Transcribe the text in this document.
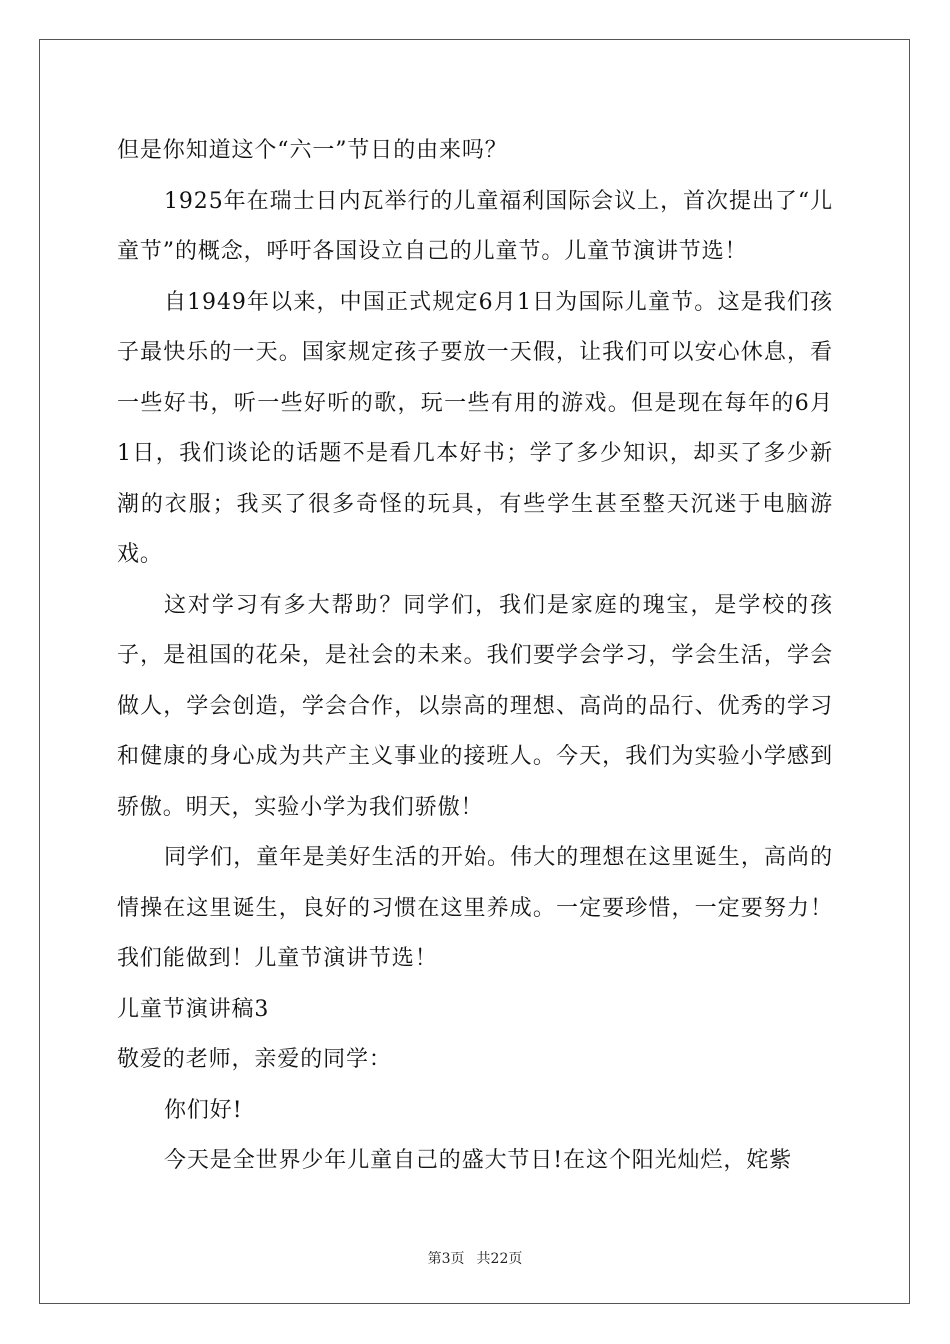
但是你知道这个“六一”节日的由来吗？

1925年在瑞士日内瓦举行的儿童福利国际会议上，首次提出了“儿童节”的概念，呼吁各国设立自己的儿童节。儿童节演讲节选！

自1949年以来，中国正式规定6月1日为国际儿童节。这是我们孩子最快乐的一天。国家规定孩子要放一天假，让我们可以安心休息，看一些好书，听一些好听的歌，玩一些有用的游戏。但是现在每年的6月1日，我们谈论的话题不是看几本好书；学了多少知识，却买了多少新潮的衣服；我买了很多奇怪的玩具，有些学生甚至整天沉迷于电脑游戏。

这对学习有多大帮助？同学们，我们是家庭的瑰宝，是学校的孩子，是祖国的花朵，是社会的未来。我们要学会学习，学会生活，学会做人，学会创造，学会合作，以崇高的理想、高尚的品行、优秀的学习和健康的身心成为共产主义事业的接班人。今天，我们为实验小学感到骄傲。明天，实验小学为我们骄傲！

同学们，童年是美好生活的开始。伟大的理想在这里诞生，高尚的情操在这里诞生，良好的习惯在这里养成。一定要珍惜，一定要努力！我们能做到！儿童节演讲节选！

儿童节演讲稿3

敬爱的老师，亲爱的同学：

你们好!

今天是全世界少年儿童自己的盛大节日!在这个阳光灿烂，姹紫

第3页 共22页
